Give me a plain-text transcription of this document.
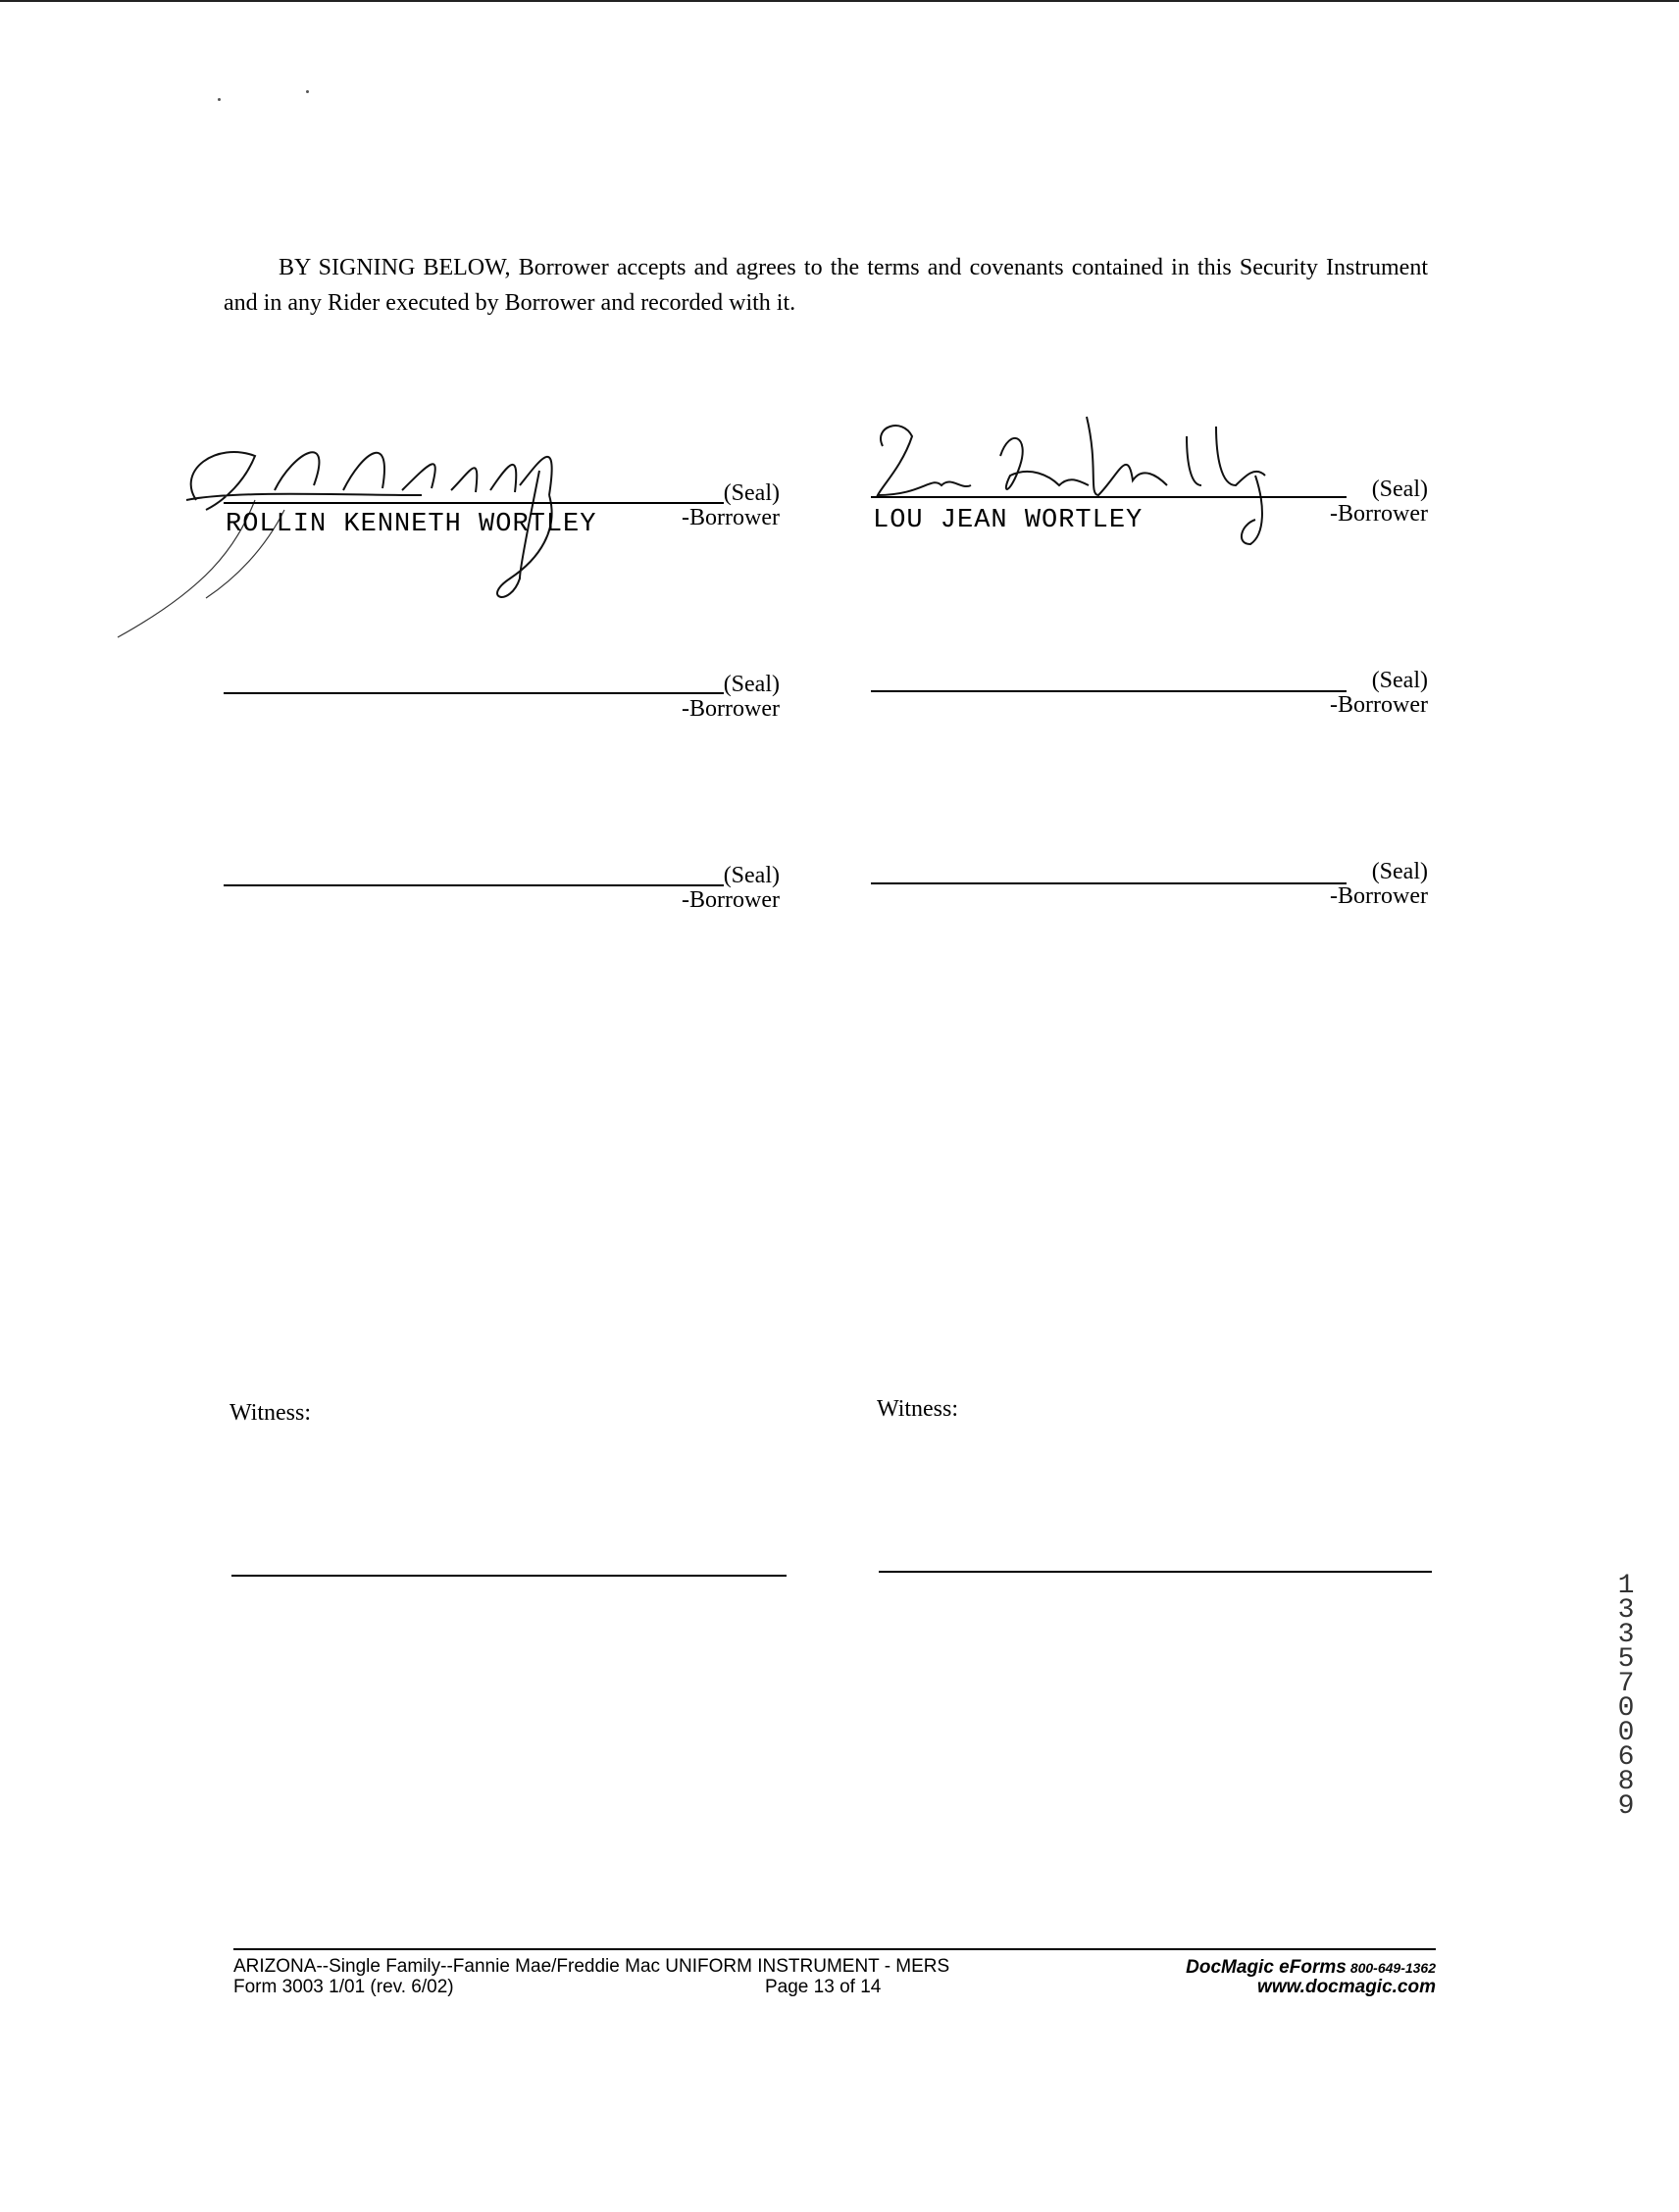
BY SIGNING BELOW, Borrower accepts and agrees to the terms and covenants contained in this Security Instrument and in any Rider executed by Borrower and recorded with it.
(Seal)
-Borrower
ROLLIN KENNETH WORTLEY
(Seal)
-Borrower
LOU JEAN WORTLEY
(Seal)
-Borrower
(Seal)
-Borrower
(Seal)
-Borrower
(Seal)
-Borrower
Witness:	Witness:
13357 00689
ARIZONA--Single Family--Fannie Mae/Freddie Mac UNIFORM INSTRUMENT - MERS
Form 3003 1/01 (rev. 6/02)	Page 13 of 14
DocMagic eForms 800-649-1362
www.docmagic.com
